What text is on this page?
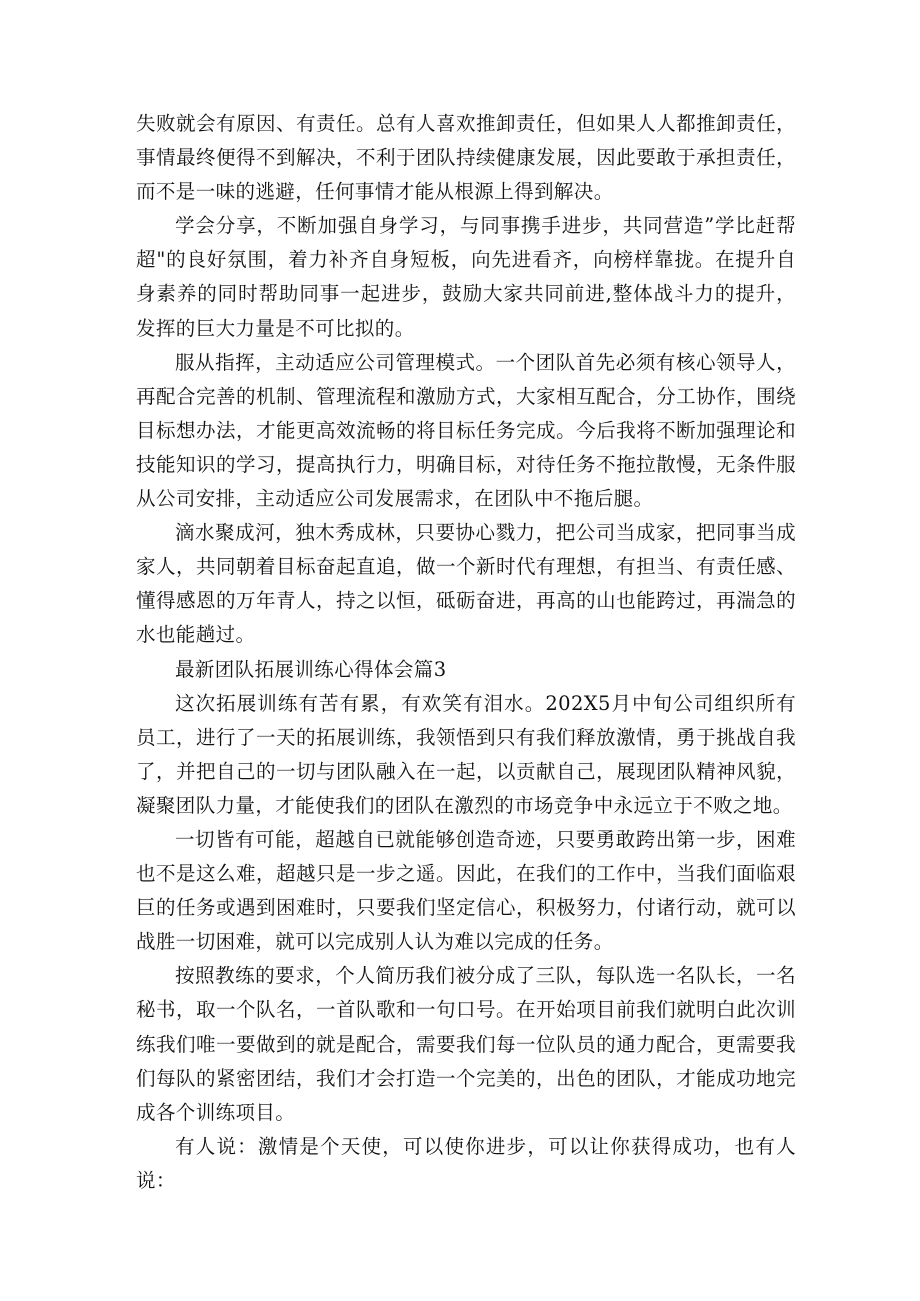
失败就会有原因、有责任。总有人喜欢推卸责任，但如果人人都推卸责任，事情最终便得不到解决，不利于团队持续健康发展，因此要敢于承担责任，而不是一味的逃避，任何事情才能从根源上得到解决。

学会分享，不断加强自身学习，与同事携手进步，共同营造”学比赶帮超"的良好氛围，着力补齐自身短板，向先进看齐，向榜样靠拢。在提升自身素养的同时帮助同事一起进步，鼓励大家共同前进,整体战斗力的提升，发挥的巨大力量是不可比拟的。

服从指挥，主动适应公司管理模式。一个团队首先必须有核心领导人，再配合完善的机制、管理流程和激励方式，大家相互配合，分工协作，围绕目标想办法，才能更高效流畅的将目标任务完成。今后我将不断加强理论和技能知识的学习，提高执行力，明确目标，对待任务不拖拉散慢，无条件服从公司安排，主动适应公司发展需求，在团队中不拖后腿。

滴水聚成河，独木秀成林，只要协心戮力，把公司当成家，把同事当成家人，共同朝着目标奋起直追，做一个新时代有理想，有担当、有责任感、懂得感恩的万年青人，持之以恒，砥砺奋进，再高的山也能跨过，再湍急的水也能趟过。

最新团队拓展训练心得体会篇3

这次拓展训练有苦有累，有欢笑有泪水。202X5月中旬公司组织所有员工，进行了一天的拓展训练，我领悟到只有我们释放激情，勇于挑战自我了，并把自己的一切与团队融入在一起，以贡献自己，展现团队精神风貌，凝聚团队力量，才能使我们的团队在激烈的市场竞争中永远立于不败之地。

一切皆有可能，超越自已就能够创造奇迹，只要勇敢跨出第一步，困难也不是这么难，超越只是一步之遥。因此，在我们的工作中，当我们面临艰巨的任务或遇到困难时，只要我们坚定信心，积极努力，付诸行动，就可以战胜一切困难，就可以完成别人认为难以完成的任务。

按照教练的要求，个人简历我们被分成了三队，每队选一名队长，一名秘书，取一个队名，一首队歌和一句口号。在开始项目前我们就明白此次训练我们唯一要做到的就是配合，需要我们每一位队员的通力配合，更需要我们每队的紧密团结，我们才会打造一个完美的，出色的团队，才能成功地完成各个训练项目。

有人说：激情是个天使，可以使你进步，可以让你获得成功，也有人说：
